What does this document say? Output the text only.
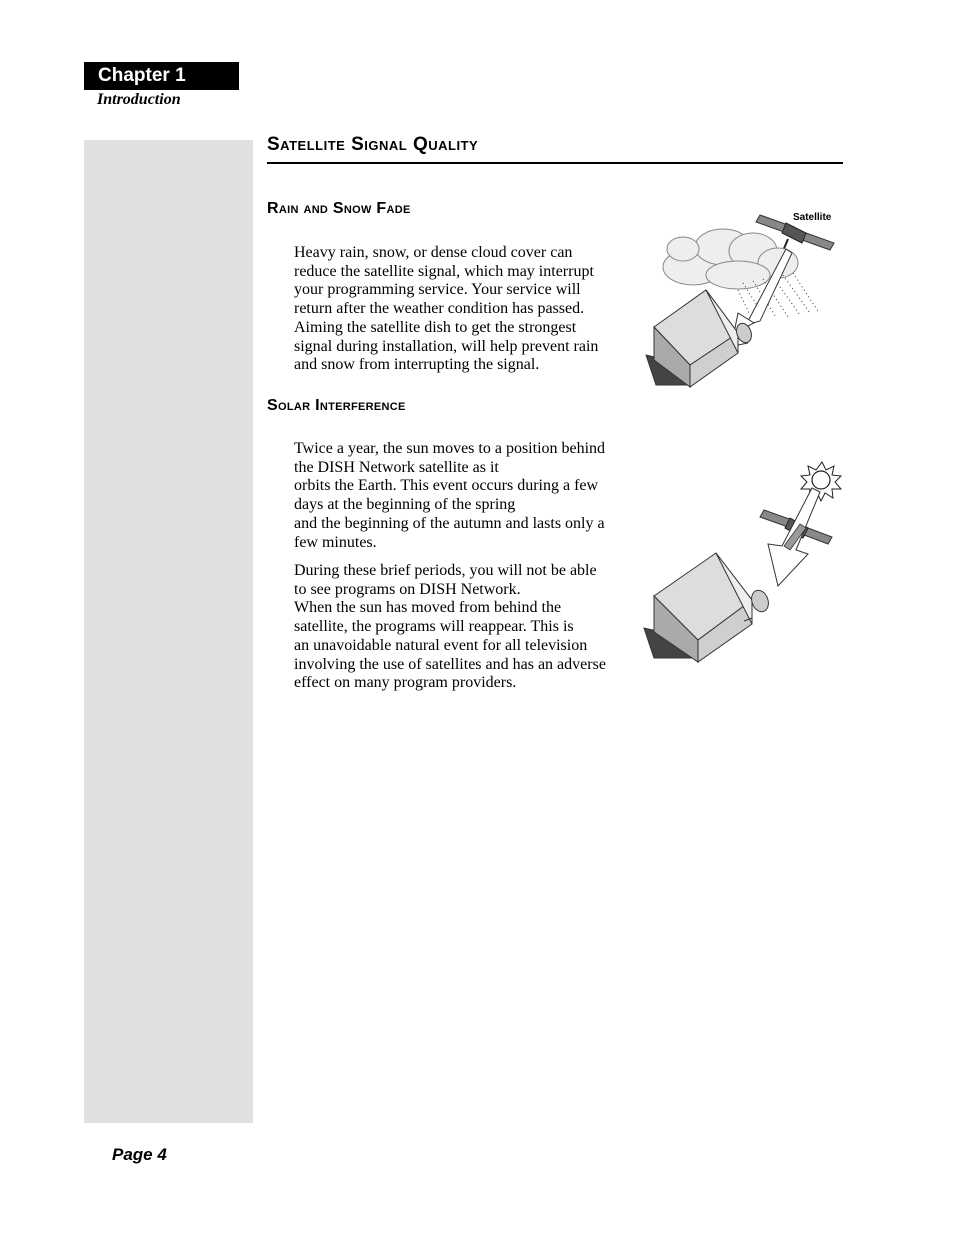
Chapter 1
Introduction
Satellite Signal Quality
Rain and Snow Fade
Heavy rain, snow, or dense cloud cover can
reduce the satellite signal, which may interrupt
your programming service. Your service will
return after the weather condition has passed.
Aiming the satellite dish to get the strongest
signal during installation, will help prevent rain
and snow from interrupting the signal.
Satellite
Solar Interference
Twice a year, the sun moves to a position behind
the DISH Network satellite as it
orbits the Earth. This event occurs during a few
days at the beginning of the spring
and the beginning of the autumn and lasts only a
few minutes.
During these brief periods, you will not be able
to see programs on DISH Network.
When the sun has moved from behind the
satellite, the programs will reappear. This is
an unavoidable natural event for all television
involving the use of satellites and has an adverse
effect on many program providers.
Page 4
